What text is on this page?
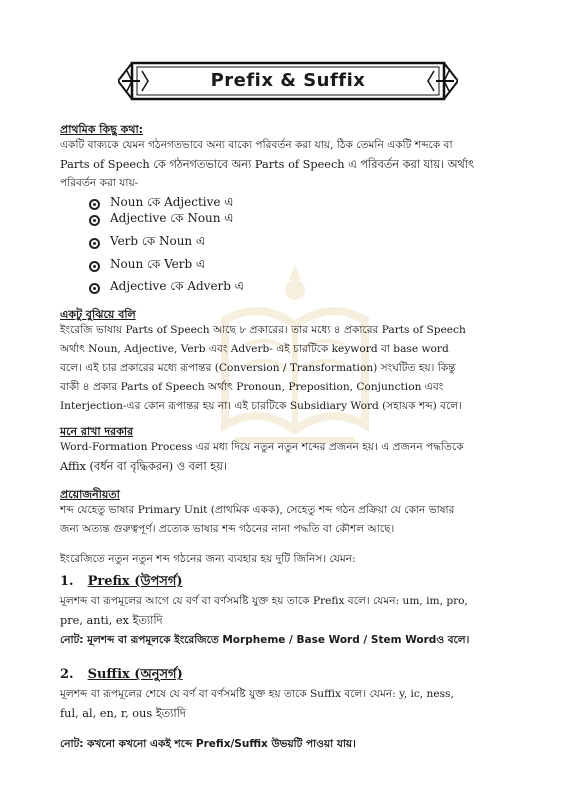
Prefix & Suffix
প্রাথমিক কিছু কথা:
একটি বাক্যকে যেমন গঠনগতভাবে অন্য বাক্যে পরিবর্তন করা যায়, ঠিক তেমনি একটি শব্দকে বা
Parts of Speech কে গঠনগতভাবে অন্য Parts of Speech এ পরিবর্তন করা যায়। অর্থাৎ
পরিবর্তন করা যায়-
Noun কে Adjective এ
Adjective কে Noun এ
Verb কে Noun এ
Noun কে Verb এ
Adjective কে Adverb এ
একটু বুঝিয়ে বলি
ইংরেজি ভাষায় Parts of Speech আছে ৮ প্রকারের। তার মধ্যে ৪ প্রকারের Parts of Speech
অর্থাৎ Noun, Adjective, Verb এবং Adverb- এই চারটিকে keyword বা base word
বলে। এই চার প্রকারের মধ্যে রূপান্তর (Conversion / Transformation) সংঘটিত হয়। কিন্তু
বাকী ৪ প্রকার Parts of Speech অর্থাৎ Pronoun, Preposition, Conjunction এবং
Interjection-এর কোন রূপান্তর হয় না। এই চারটিকে Subsidiary Word (সহায়ক শব্দ) বলে।
মনে রাখা দরকার
Word-Formation Process এর মধ্য দিয়ে নতুন নতুন শব্দের প্রজনন হয়। এ প্রজনন পদ্ধতিকে
Affix (বর্ধন বা বৃদ্ধিকরন) ও বলা হয়।
প্রয়োজনীয়তা
শব্দ যেহেতু ভাষার Primary Unit (প্রাথমিক একক), সেহেতু শব্দ গঠন প্রক্রিয়া যে কোন ভাষার
জন্য অত্যন্ত গুরুত্বপূর্ণ। প্রত্যেক ভাষার শব্দ গঠনের নানা পদ্ধতি বা কৌশল আছে।
ইংরেজিতে নতুন নতুন শব্দ গঠনের জন্য ব্যবহার হয় দুটি জিনিস। যেমন:
1. Prefix (উপসর্গ)
মূলশব্দ বা রূপমূলের আগে যে বর্ণ বা বর্ণসমষ্টি যুক্ত হয় তাকে Prefix বলে। যেমন: um, im, pro,
pre, anti, ex ইত্যাদি
নোট: মূলশব্দ বা রূপমূলকে ইংরেজিতে Morpheme / Base Word / Stem Wordও বলে।
2. Suffix (অনুসর্গ)
মূলশব্দ বা রূপমূলের শেষে যে বর্ণ বা বর্ণসমষ্টি যুক্ত হয় তাকে Suffix বলে। যেমন: y, ic, ness,
ful, al, en, r, ous ইত্যাদি
নোট: কখনো কখনো একই শব্দে Prefix/Suffix উভয়টি পাওয়া যায়।
